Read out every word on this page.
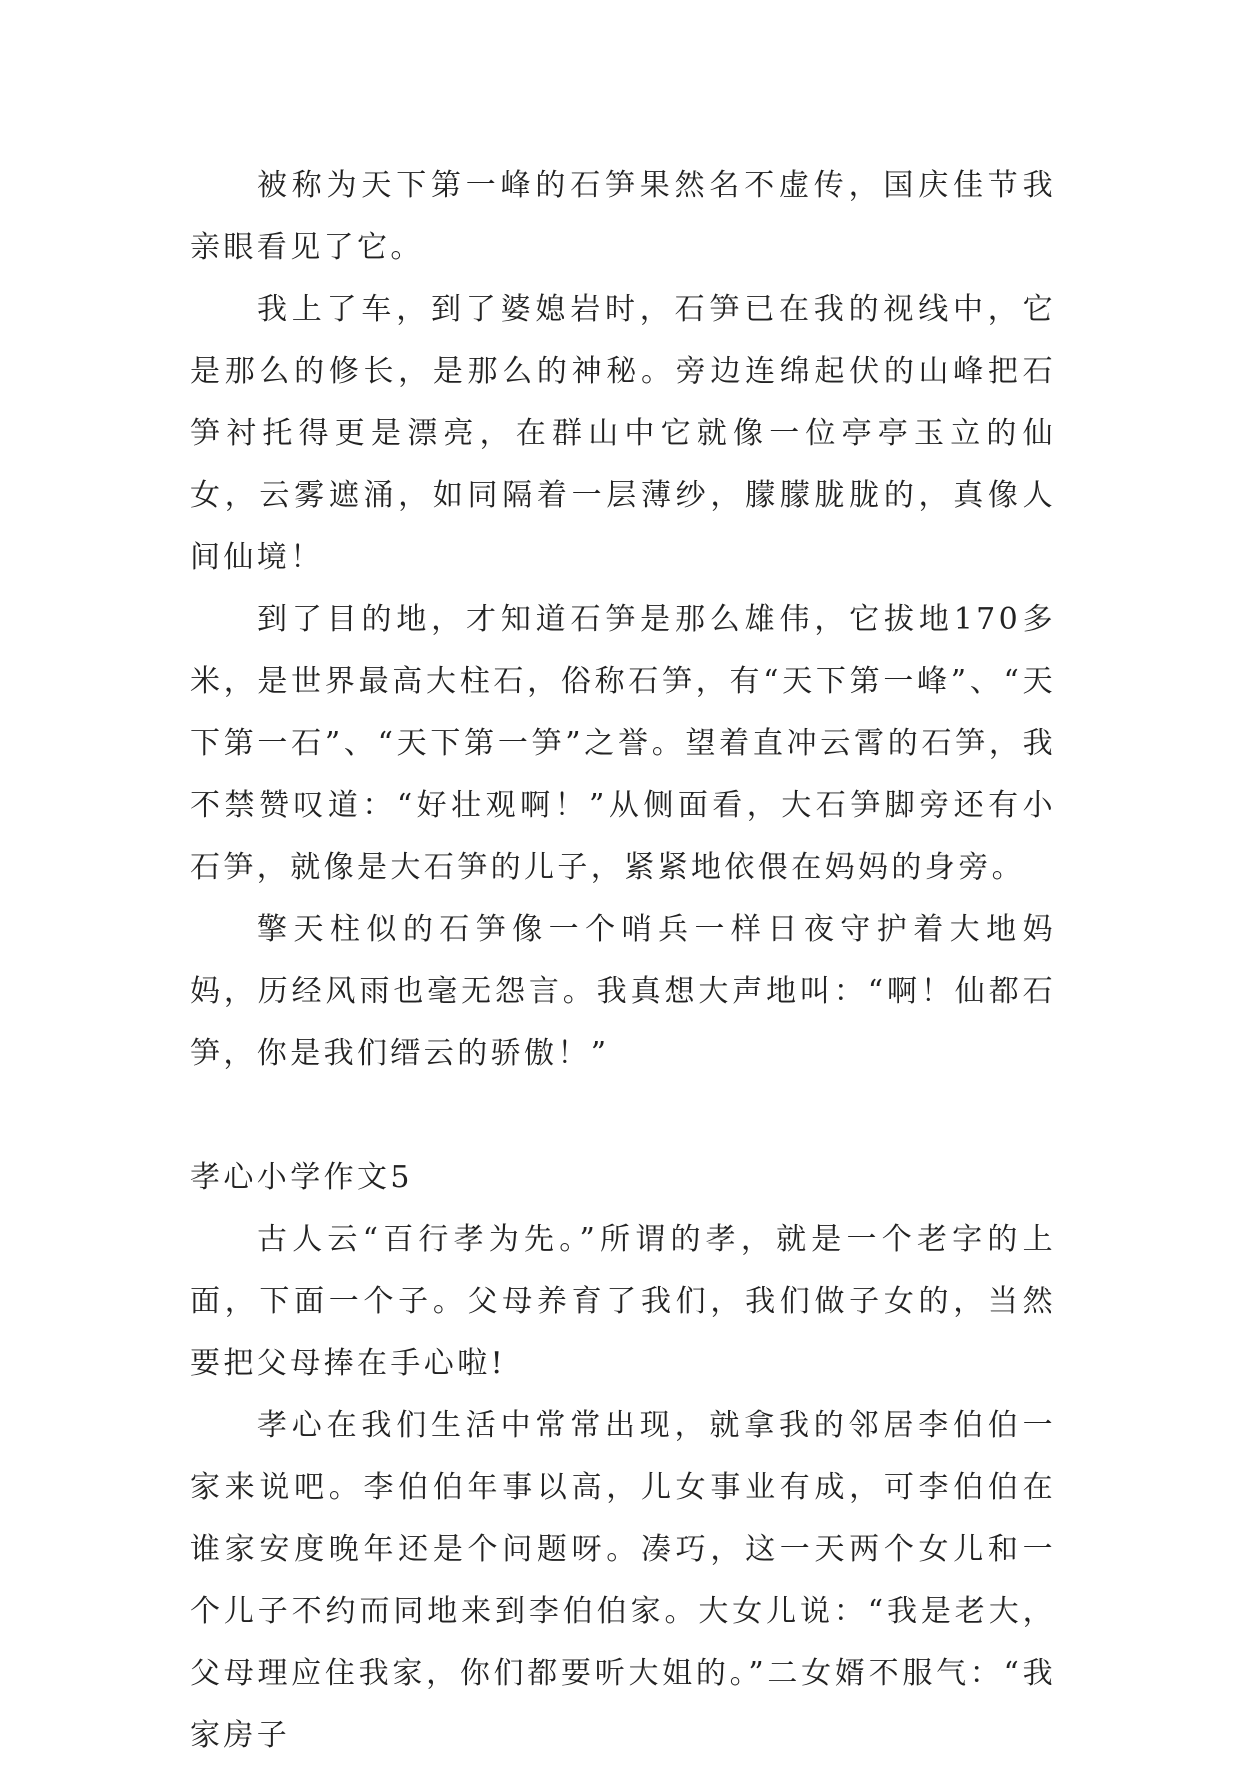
被称为天下第一峰的石笋果然名不虚传，国庆佳节我亲眼看见了它。

我上了车，到了婆媳岩时，石笋已在我的视线中，它是那么的修长，是那么的神秘。旁边连绵起伏的山峰把石笋衬托得更是漂亮，在群山中它就像一位亭亭玉立的仙女，云雾遮涌，如同隔着一层薄纱，朦朦胧胧的，真像人间仙境！

到了目的地，才知道石笋是那么雄伟，它拔地170多米，是世界最高大柱石，俗称石笋，有“天下第一峰”、“天下第一石”、“天下第一笋”之誉。望着直冲云霄的石笋，我不禁赞叹道：“好壮观啊！”从侧面看，大石笋脚旁还有小石笋，就像是大石笋的儿子，紧紧地依偎在妈妈的身旁。

擎天柱似的石笋像一个哨兵一样日夜守护着大地妈妈，历经风雨也毫无怨言。我真想大声地叫：“啊！仙都石笋，你是我们缙云的骄傲！”

孝心小学作文5

古人云“百行孝为先。”所谓的孝，就是一个老字的上面，下面一个子。父母养育了我们，我们做子女的，当然要把父母捧在手心啦!

孝心在我们生活中常常出现，就拿我的邻居李伯伯一家来说吧。李伯伯年事以高，儿女事业有成，可李伯伯在谁家安度晚年还是个问题呀。凑巧，这一天两个女儿和一个儿子不约而同地来到李伯伯家。大女儿说：“我是老大，父母理应住我家，你们都要听大姐的。”二女婿不服气：“我家房子
